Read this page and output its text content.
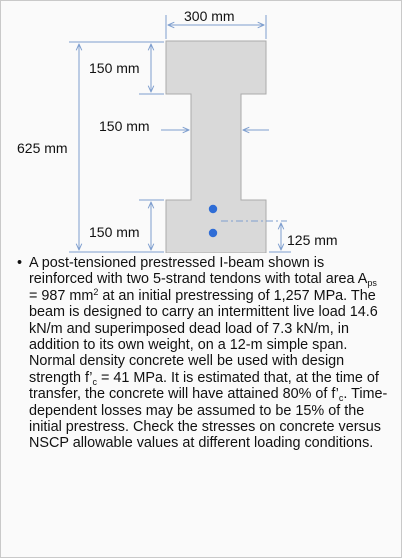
300 mm
625 mm
150 mm
150 mm
150 mm	125 mm
• A post-tensioned prestressed I-beam shown is reinforced with two 5-strand tendons with total area $A_{ps} = 987$ $mm^2$ at an initial prestressing of 1,257 MPa. The beam is designed to carry an intermittent live load 14.6 kN/m and superimposed dead load of 7.3 kN/m, in addition to its own weight, on a 12-m simple span. Normal density concrete well be used with design strength $f’_c = 41$ MPa. It is estimated that, at the time of transfer, the concrete will have attained 80% of $f’_c$. Time-dependent losses may be assumed to be 15% of the initial prestress. Check the stresses on concrete versus NSCP allowable values at different loading conditions.
